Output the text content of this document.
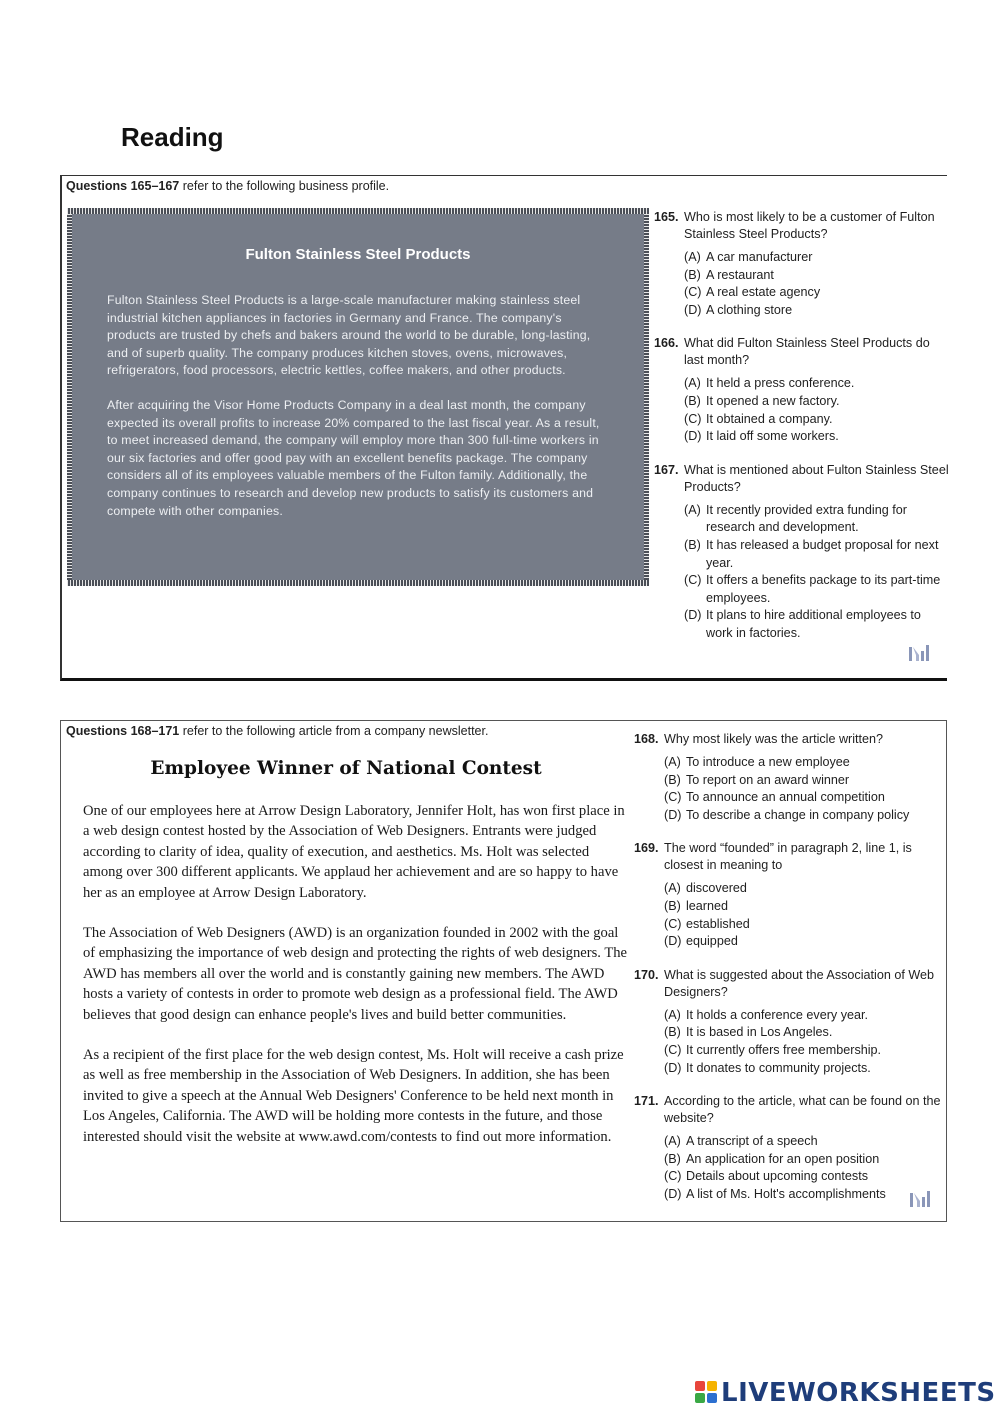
Reading
Questions 165–167 refer to the following business profile.
Fulton Stainless Steel Products

Fulton Stainless Steel Products is a large-scale manufacturer making stainless steel industrial kitchen appliances in factories in Germany and France. The company's products are trusted by chefs and bakers around the world to be durable, long-lasting, and of superb quality. The company produces kitchen stoves, ovens, microwaves, refrigerators, food processors, electric kettles, coffee makers, and other products.

After acquiring the Visor Home Products Company in a deal last month, the company expected its overall profits to increase 20% compared to the last fiscal year. As a result, to meet increased demand, the company will employ more than 300 full-time workers in our six factories and offer good pay with an excellent benefits package. The company considers all of its employees valuable members of the Fulton family. Additionally, the company continues to research and develop new products to satisfy its customers and compete with other companies.

165. Who is most likely to be a customer of Fulton Stainless Steel Products?
(A) A car manufacturer
(B) A restaurant
(C) A real estate agency
(D) A clothing store
166. What did Fulton Stainless Steel Products do last month?
(A) It held a press conference.
(B) It opened a new factory.
(C) It obtained a company.
(D) It laid off some workers.
167. What is mentioned about Fulton Stainless Steel Products?
(A) It recently provided extra funding for research and development.
(B) It has released a budget proposal for next year.
(C) It offers a benefits package to its part-time employees.
(D) It plans to hire additional employees to work in factories.
Questions 168–171 refer to the following article from a company newsletter.
Employee Winner of National Contest

One of our employees here at Arrow Design Laboratory, Jennifer Holt, has won first place in a web design contest hosted by the Association of Web Designers. Entrants were judged according to clarity of idea, quality of execution, and aesthetics. Ms. Holt was selected among over 300 different applicants. We applaud her achievement and are so happy to have her as an employee at Arrow Design Laboratory.

The Association of Web Designers (AWD) is an organization founded in 2002 with the goal of emphasizing the importance of web design and protecting the rights of web designers. The AWD has members all over the world and is constantly gaining new members. The AWD hosts a variety of contests in order to promote web design as a professional field. The AWD believes that good design can enhance people's lives and build better communities.

As a recipient of the first place for the web design contest, Ms. Holt will receive a cash prize as well as free membership in the Association of Web Designers. In addition, she has been invited to give a speech at the Annual Web Designers' Conference to be held next month in Los Angeles, California. The AWD will be holding more contests in the future, and those interested should visit the website at www.awd.com/contests to find out more information.

168. Why most likely was the article written?
(A) To introduce a new employee
(B) To report on an award winner
(C) To announce an annual competition
(D) To describe a change in company policy
169. The word “founded” in paragraph 2, line 1, is closest in meaning to
(A) discovered
(B) learned
(C) established
(D) equipped
170. What is suggested about the Association of Web Designers?
(A) It holds a conference every year.
(B) It is based in Los Angeles.
(C) It currently offers free membership.
(D) It donates to community projects.
171. According to the article, what can be found on the website?
(A) A transcript of a speech
(B) An application for an open position
(C) Details about upcoming contests
(D) A list of Ms. Holt's accomplishments
LIVEWORKSHEETS
